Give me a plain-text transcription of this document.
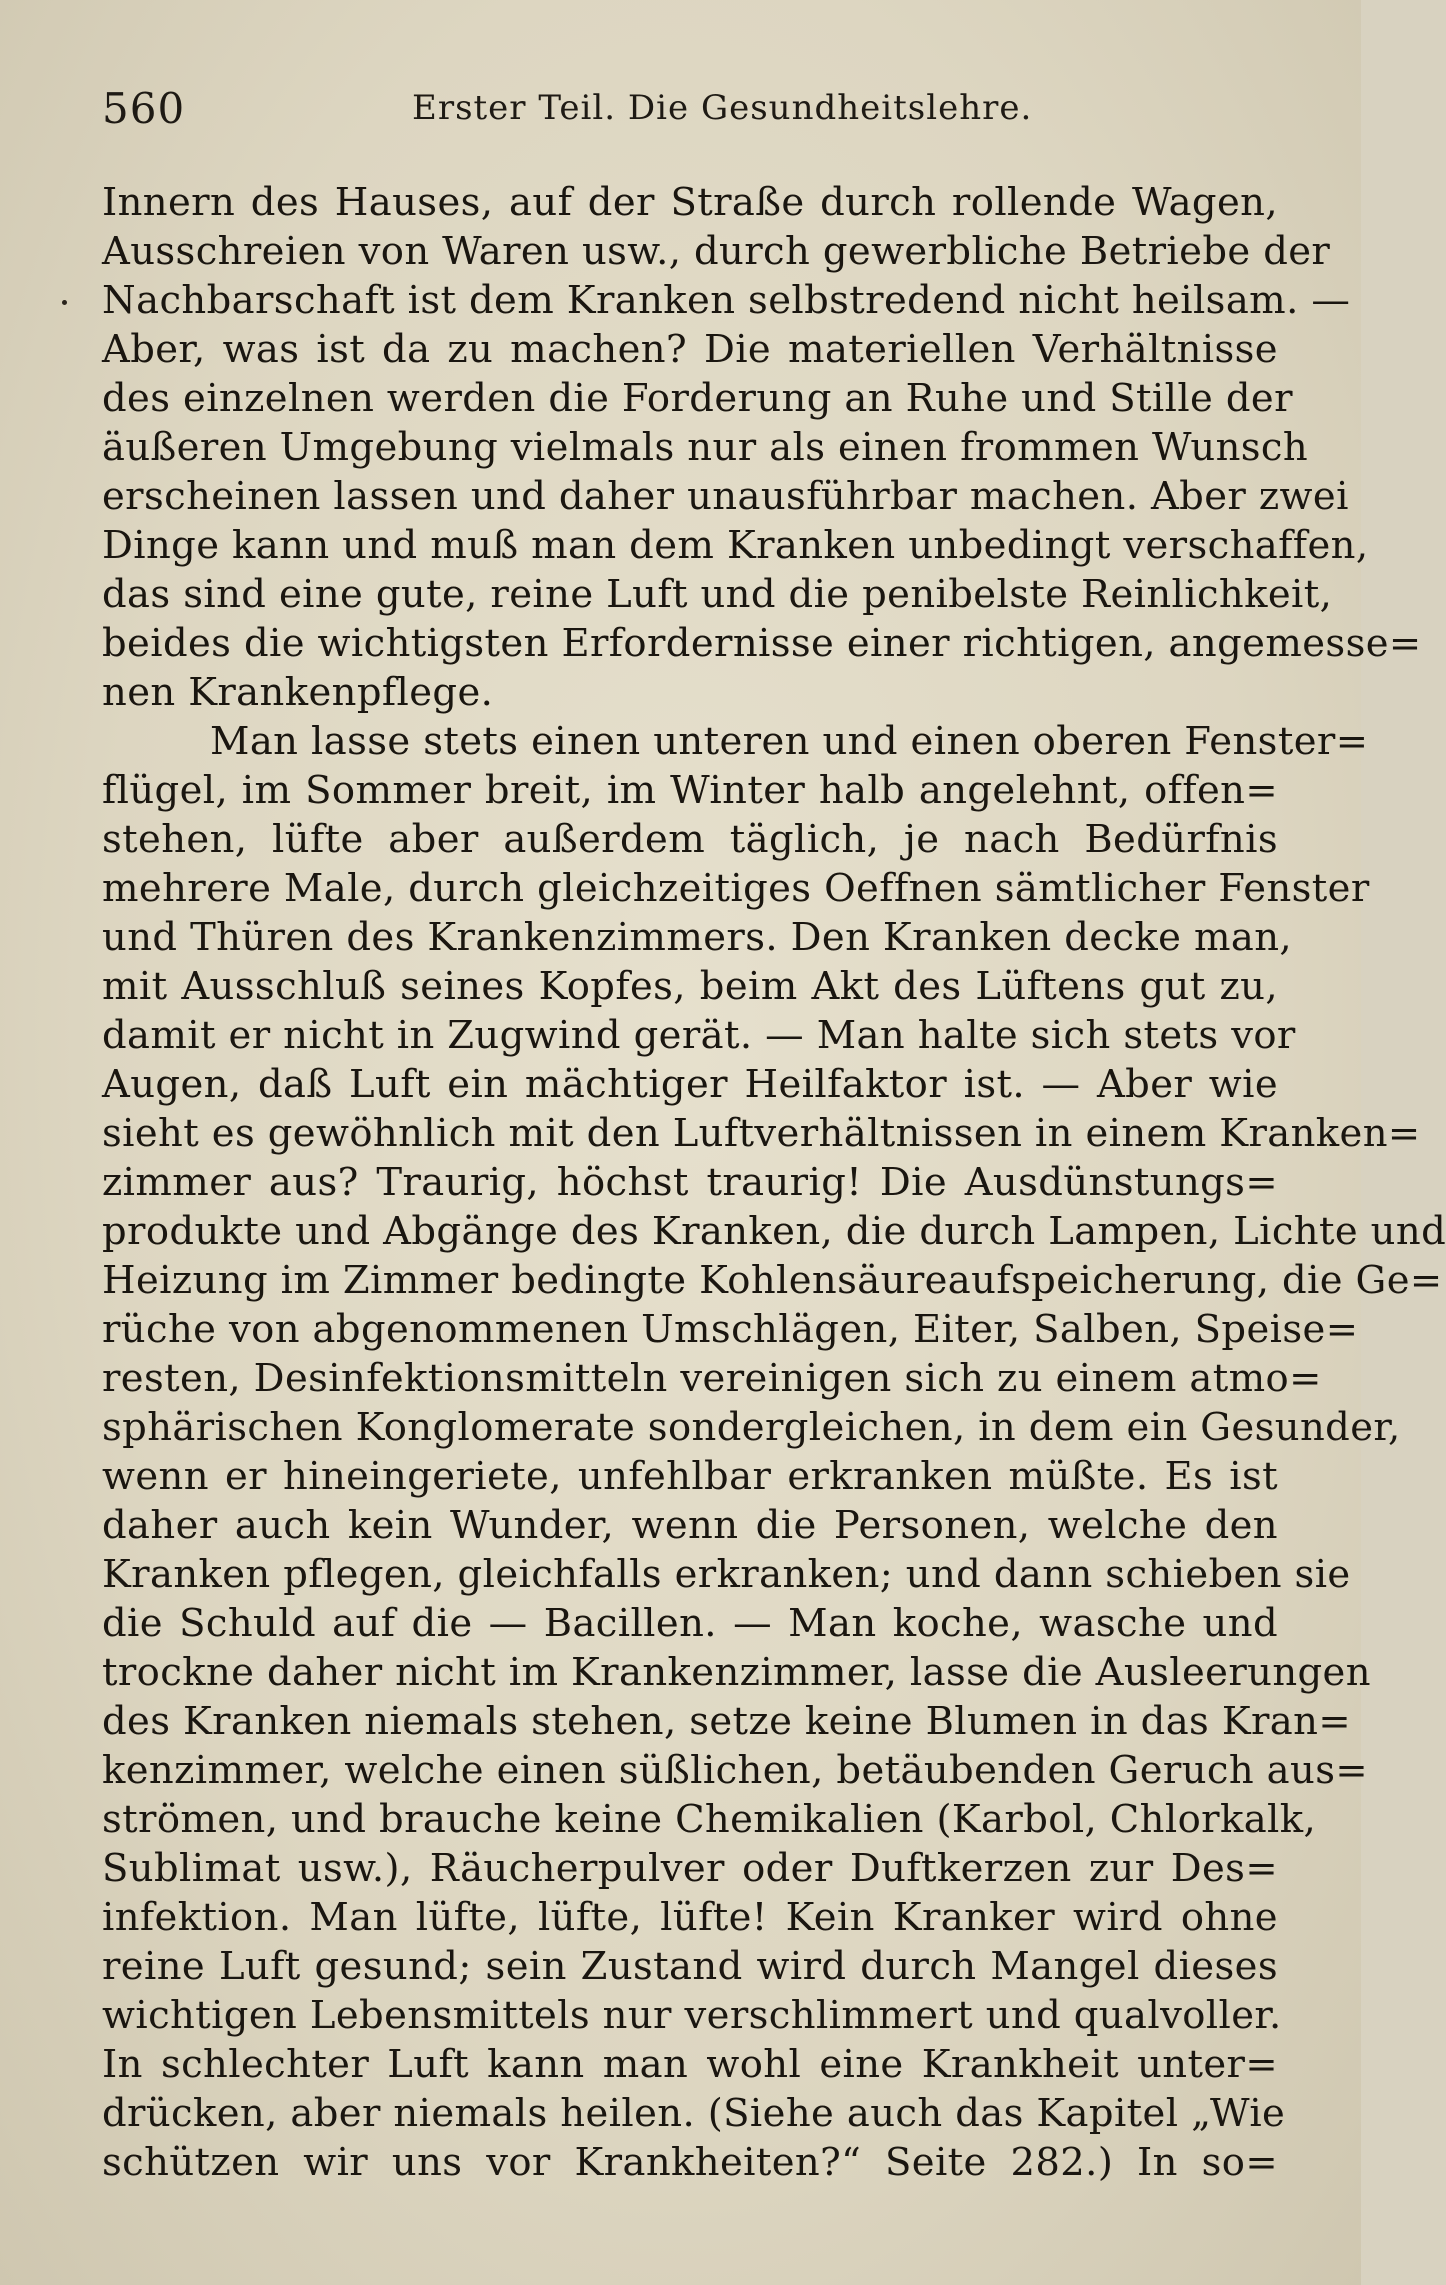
560	Erster Teil. Die Gesundheitslehre.
Innern des Hauses, auf der Straße durch rollende Wagen,
Ausschreien von Waren usw., durch gewerbliche Betriebe der
Nachbarschaft ist dem Kranken selbstredend nicht heilsam. —
Aber, was ist da zu machen? Die materiellen Verhältnisse
des einzelnen werden die Forderung an Ruhe und Stille der
äußeren Umgebung vielmals nur als einen frommen Wunsch
erscheinen lassen und daher unausführbar machen. Aber zwei
Dinge kann und muß man dem Kranken unbedingt verschaffen,
das sind eine gute, reine Luft und die penibelste Reinlichkeit,
beides die wichtigsten Erfordernisse einer richtigen, angemesse=
nen Krankenpflege.
Man lasse stets einen unteren und einen oberen Fenster=
flügel, im Sommer breit, im Winter halb angelehnt, offen=
stehen, lüfte aber außerdem täglich, je nach Bedürfnis
mehrere Male, durch gleichzeitiges Oeffnen sämtlicher Fenster
und Thüren des Krankenzimmers. Den Kranken decke man,
mit Ausschluß seines Kopfes, beim Akt des Lüftens gut zu,
damit er nicht in Zugwind gerät. — Man halte sich stets vor
Augen, daß Luft ein mächtiger Heilfaktor ist. — Aber wie
sieht es gewöhnlich mit den Luftverhältnissen in einem Kranken=
zimmer aus? Traurig, höchst traurig! Die Ausdünstungs=
produkte und Abgänge des Kranken, die durch Lampen, Lichte und
Heizung im Zimmer bedingte Kohlensäureaufspeicherung, die Ge=
rüche von abgenommenen Umschlägen, Eiter, Salben, Speise=
resten, Desinfektionsmitteln vereinigen sich zu einem atmo=
sphärischen Konglomerate sondergleichen, in dem ein Gesunder,
wenn er hineingeriete, unfehlbar erkranken müßte. Es ist
daher auch kein Wunder, wenn die Personen, welche den
Kranken pflegen, gleichfalls erkranken; und dann schieben sie
die Schuld auf die — Bacillen. — Man koche, wasche und
trockne daher nicht im Krankenzimmer, lasse die Ausleerungen
des Kranken niemals stehen, setze keine Blumen in das Kran=
kenzimmer, welche einen süßlichen, betäubenden Geruch aus=
strömen, und brauche keine Chemikalien (Karbol, Chlorkalk,
Sublimat usw.), Räucherpulver oder Duftkerzen zur Des=
infektion. Man lüfte, lüfte, lüfte! Kein Kranker wird ohne
reine Luft gesund; sein Zustand wird durch Mangel dieses
wichtigen Lebensmittels nur verschlimmert und qualvoller.
In schlechter Luft kann man wohl eine Krankheit unter=
drücken, aber niemals heilen. (Siehe auch das Kapitel „Wie
schützen wir uns vor Krankheiten?“ Seite 282.) In so=
